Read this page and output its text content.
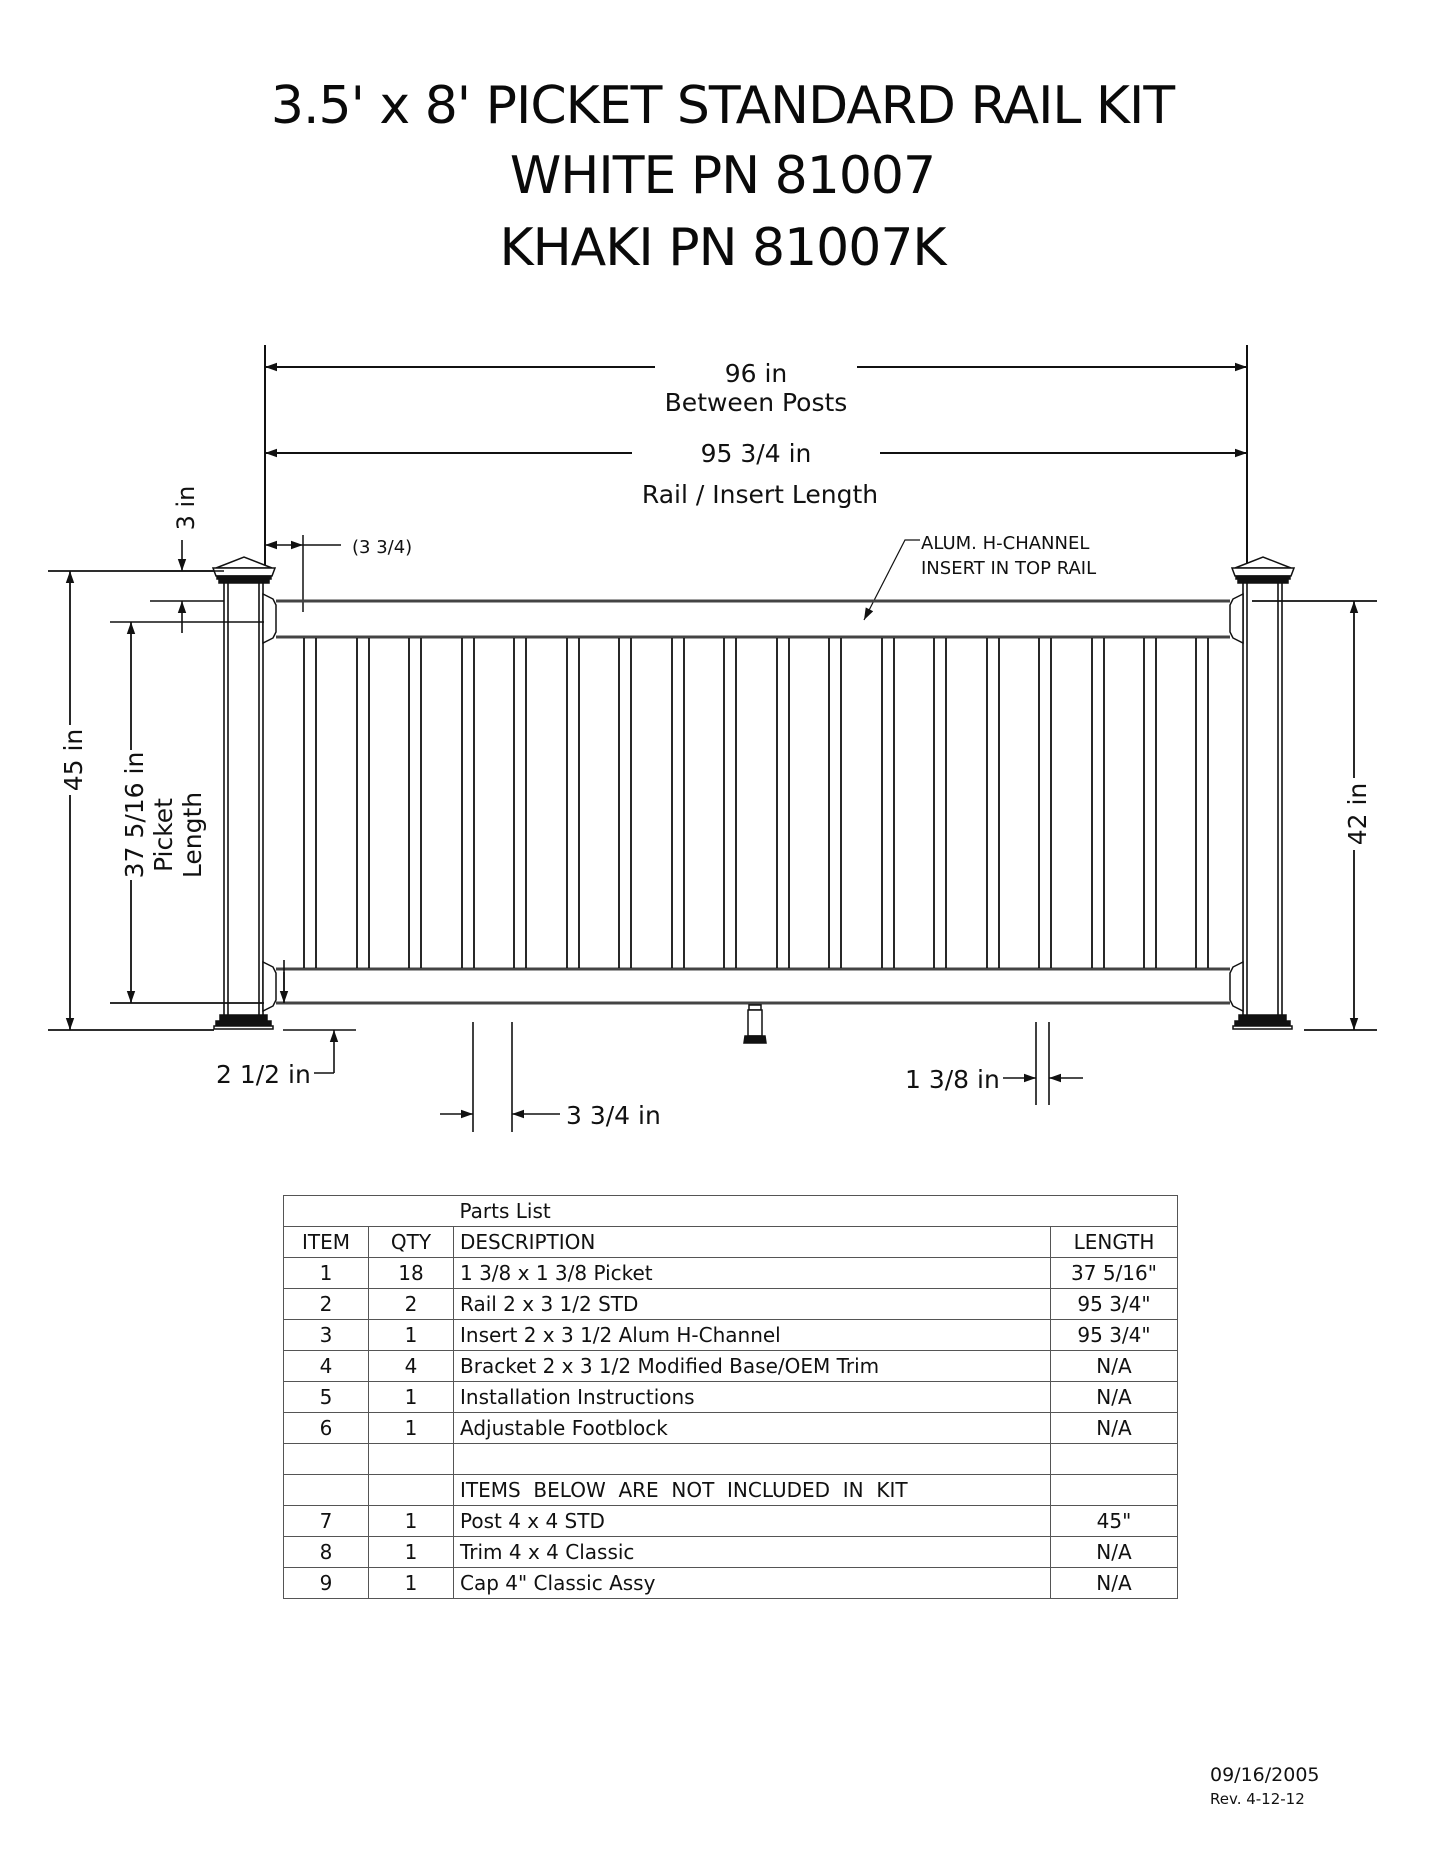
3.5' x 8' PICKET STANDARD RAIL KIT
WHITE PN 81007
KHAKI PN 81007K
96 in
Between Posts
95 3/4 in
Rail / Insert Length
(3 3/4)	ALUM. H-CHANNEL
INSERT IN TOP RAIL
3 in
45 in 37 5/16 in Picket Length	42 in
2 1/2 in
3 3/4 in
1 3/8 in
		Parts List	
ITEM	QTY	DESCRIPTION	LENGTH
1	18	1 3/8 x 1 3/8 Picket	37 5/16"
2	2	Rail 2 x 3 1/2 STD	95 3/4"
3	1	Insert 2 x 3 1/2 Alum H-Channel	95 3/4"
4	4	Bracket 2 x 3 1/2 Modified Base/OEM Trim	N/A
5	1	Installation Instructions	N/A
6	1	Adjustable Footblock	N/A

		ITEMS  BELOW  ARE  NOT  INCLUDED  IN  KIT	
7	1	Post 4 x 4 STD	45"
8	1	Trim 4 x 4 Classic	N/A
9	1	Cap 4" Classic Assy	N/A
09/16/2005
Rev. 4-12-12
